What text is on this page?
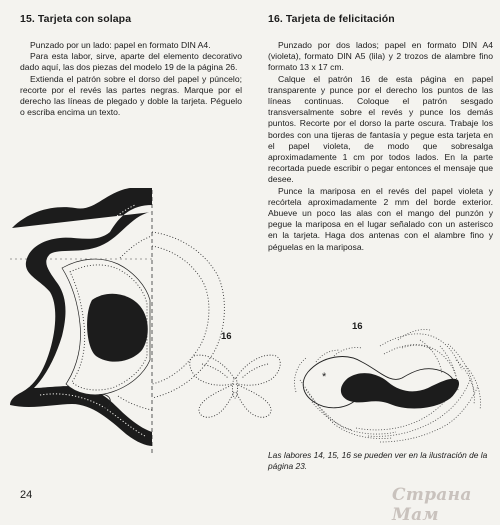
15. Tarjeta con solapa

Punzado por un lado: papel en formato DIN A4.

Para esta labor, sirve, aparte del elemento decorativo dado aquí, las dos piezas del modelo 19 de la página 26.

Extienda el patrón sobre el dorso del papel y púncelo; recorte por el revés las partes negras. Marque por el derecho las líneas de plegado y doble la tarjeta. Péguelo o escriba encima un texto.

16. Tarjeta de felicitación

Punzado por dos lados; papel en formato DIN A4 (violeta), formato DIN A5 (lila) y 2 trozos de alambre fino formato 13 x 17 cm.

Calque el patrón 16 de esta página en papel transparente y punce por el derecho los puntos de las líneas continuas. Coloque el patrón sesgado transversalmente sobre el revés y punce los demás puntos. Recorte por el dorso la parte oscura. Trabaje los bordes con una tijeras de fantasía y pegue esta tarjeta en el papel violeta, de modo que sobresalga aproximadamente 1 cm por todos lados. En la parte recortada puede escribir o pegar entonces el mensaje que desee.

Punce la mariposa en el revés del papel violeta y recórtela aproximadamente 2 mm del borde exterior. Abueve un poco las alas con el mango del punzón y pegue la mariposa en el lugar señalado con un asterisco en la tarjeta. Haga dos antenas con el alambre fino y péguelas en la mariposa.

16
16
*
Las labores 14, 15, 16 se pueden ver en la ilustración de la página 23.
24	Страна Мам
